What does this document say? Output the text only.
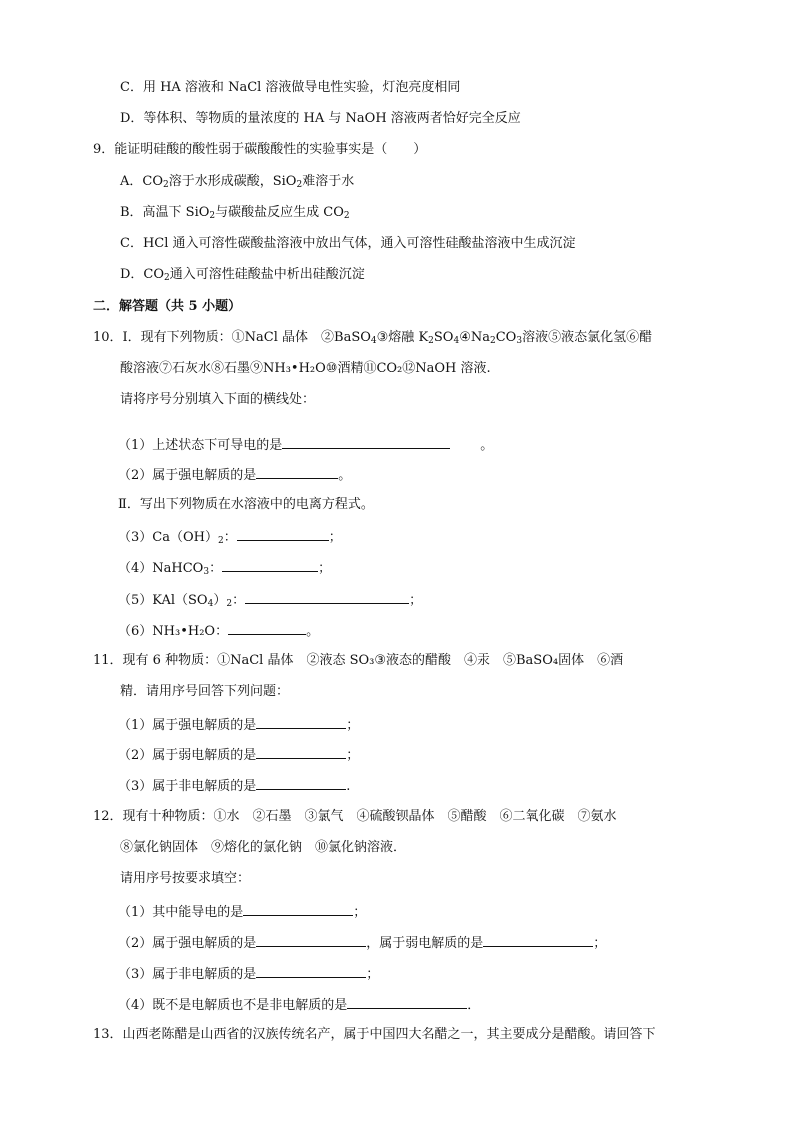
C．用 HA 溶液和 NaCl 溶液做导电性实验，灯泡亮度相同
D．等体积、等物质的量浓度的 HA 与 NaOH 溶液两者恰好完全反应
9．能证明硅酸的酸性弱于碳酸酸性的实验事实是（　　）
A．$CO_2$溶于水形成碳酸，SiO$_2$难溶于水
B．高温下 SiO$_2$与碳酸盐反应生成 $CO_2$
C．HCl 通入可溶性碳酸盐溶液中放出气体，通入可溶性硅酸盐溶液中生成沉淀
D．$CO_2$通入可溶性硅酸盐中析出硅酸沉淀
二．解答题（共 5 小题）
10．Ⅰ．现有下列物质：①NaCl 晶体　②BaSO$_4$③熔融 $K_2SO_4④Na_2CO_3$溶液⑤液态氯化氢⑥醋
酸溶液⑦石灰水⑧石墨⑨NH₃•H₂O⑩酒精⑪CO₂⑫NaOH 溶液.
请将序号分别填入下面的横线处：
（1）上述状态下可导电的是	。
（2）属于强电解质的是	。
Ⅱ．写出下列物质在水溶液中的电离方程式。
$(3)Ca(OH)_2$：	；
（4）NaHCO$_3$：	；
$(5)KAl(SO_4)_2$：	；
（6）NH₃•H₂O：	。
11．现有 6 种物质：①NaCl 晶体　②液态 SO₃③液态的醋酸　④汞　⑤BaSO₄固体　⑥酒
精．请用序号回答下列问题：
（1）属于强电解质的是	；
（2）属于弱电解质的是	；
（3）属于非电解质的是	.
12．现有十种物质：①水　②石墨　③氯气　④硫酸钡晶体　⑤醋酸　⑥二氧化碳　⑦氨水
⑧氯化钠固体　⑨熔化的氯化钠　⑩氯化钠溶液．
请用序号按要求填空：
（1）其中能导电的是	；
（2）属于强电解质的是	，属于弱电解质的是	；
（3）属于非电解质的是	；
（4）既不是电解质也不是非电解质的是	．
13．山西老陈醋是山西省的汉族传统名产，属于中国四大名醋之一，其主要成分是醋酸。请回答下
